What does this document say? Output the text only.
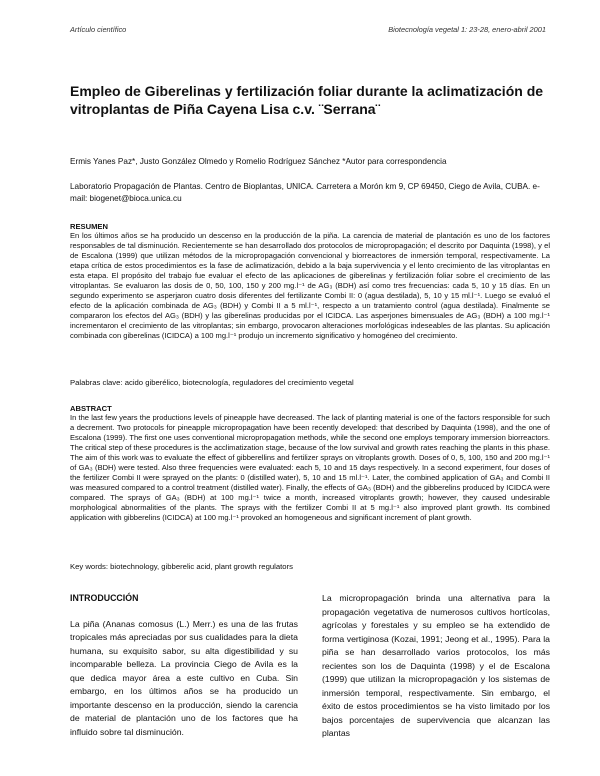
Artículo científico	Biotecnología vegetal 1: 23-28, enero-abril 2001
Empleo de Giberelinas y fertilización foliar durante la aclimatización de vitroplantas de Piña Cayena Lisa c.v. ¨Serrana¨

Ermis Yanes Paz*, Justo González Olmedo y Romelio Rodríguez Sánchez *Autor para correspondencia

Laboratorio Propagación de Plantas. Centro de Bioplantas, UNICA. Carretera a Morón km 9, CP 69450, Ciego de Avila, CUBA. e-mail: biogenet@bioca.unica.cu

RESUMEN

En los últimos años se ha producido un descenso en la producción de la piña. La carencia de material de plantación es uno de los factores responsables de tal disminución. Recientemente se han desarrollado dos protocolos de micropropagación; el descrito por Daquinta (1998), y el de Escalona (1999) que utilizan métodos de la micropropagación convencional y biorreactores de inmersión temporal, respectivamente. La etapa crítica de estos procedimientos es la fase de aclimatización, debido a la baja supervivencia y el lento crecimiento de las vitroplantas en esta etapa. El propósito del trabajo fue evaluar el efecto de las aplicaciones de giberelinas y fertilización foliar sobre el crecimiento de las vitroplantas. Se evaluaron las dosis de 0, 50, 100, 150 y 200 mg.l⁻¹ de AG₃ (BDH) así como tres frecuencias: cada 5, 10 y 15 días. En un segundo experimento se asperjaron cuatro dosis diferentes del fertilizante Combi II: 0 (agua destilada), 5, 10 y 15 ml.l⁻¹. Luego se evaluó el efecto de la aplicación combinada de AG₃ (BDH) y Combi II a 5 ml.l⁻¹, respecto a un tratamiento control (agua destilada). Finalmente se compararon los efectos del AG₃ (BDH) y las giberelinas producidas por el ICIDCA. Las asperjones bimensuales de AG₃ (BDH) a 100 mg.l⁻¹ incrementaron el crecimiento de las vitroplantas; sin embargo, provocaron alteraciones morfológicas indeseables de las plantas. Su aplicación combinada con giberelinas (ICIDCA) a 100 mg.l⁻¹ produjo un incremento significativo y homogéneo del crecimiento.

Palabras clave: acido giberélico, biotecnología, reguladores del crecimiento vegetal

ABSTRACT

In the last few years the productions levels of pineapple have decreased. The lack of planting material is one of the factors responsible for such a decrement. Two protocols for pineapple micropropagation have been recently developed: that described by Daquinta (1998), and the one of Escalona (1999). The first one uses conventional micropropagation methods, while the second one employs temporary immersion biorreactors. The critical step of these procedures is the acclimatization stage, because of the low survival and growth rates reaching the plants in this phase. The aim of this work was to evaluate the effect of gibberellins and fertilizer sprays on vitroplants growth. Doses of 0, 5, 100, 150 and 200 mg.l⁻¹ of GA₃ (BDH) were tested. Also three frequencies were evaluated: each 5, 10 and 15 days respectively. In a second experiment, four doses of the fertilizer Combi II were sprayed on the plants: 0 (distilled water), 5, 10 and 15 ml.l⁻¹. Later, the combined application of GA₃ and Combi II was measured compared to a control treatment (distilled water). Finally, the effects of GA₃ (BDH) and the gibberelins produced by ICIDCA were compared. The sprays of GA₃ (BDH) at 100 mg.l⁻¹ twice a month, increased vitroplants growth; however, they caused undesirable morphological abnormalities of the plants. The sprays with the fertilizer Combi II at 5 mg.l⁻¹ also improved plant growth. Its combined application with gibberelins (ICIDCA) at 100 mg.l⁻¹ provoked an homogeneous and significant increment of plant growth.

Key words: biotechnology, gibberelic acid, plant growth regulators

INTRODUCCIÓN

La piña (Ananas comosus (L.) Merr.) es una de las frutas tropicales más apreciadas por sus cualidades para la dieta humana, su exquisito sabor, su alta digestibilidad y su incomparable belleza. La provincia Ciego de Avila es la que dedica mayor área a este cultivo en Cuba. Sin embargo, en los últimos años se ha producido un importante descenso en la producción, siendo la carencia de material de plantación uno de los factores que ha influido sobre tal disminución.

La micropropagación brinda una alternativa para la propagación vegetativa de numerosos cultivos hortícolas, agrícolas y forestales y su empleo se ha extendido de forma vertiginosa (Kozai, 1991; Jeong et al., 1995). Para la piña se han desarrollado varios protocolos, los más recientes son los de Daquinta (1998) y el de Escalona (1999) que utilizan la micropropagación y los sistemas de inmersión temporal, respectivamente. Sin embargo, el éxito de estos procedimientos se ha visto limitado por los bajos porcentajes de supervivencia que alcanzan las plantas
